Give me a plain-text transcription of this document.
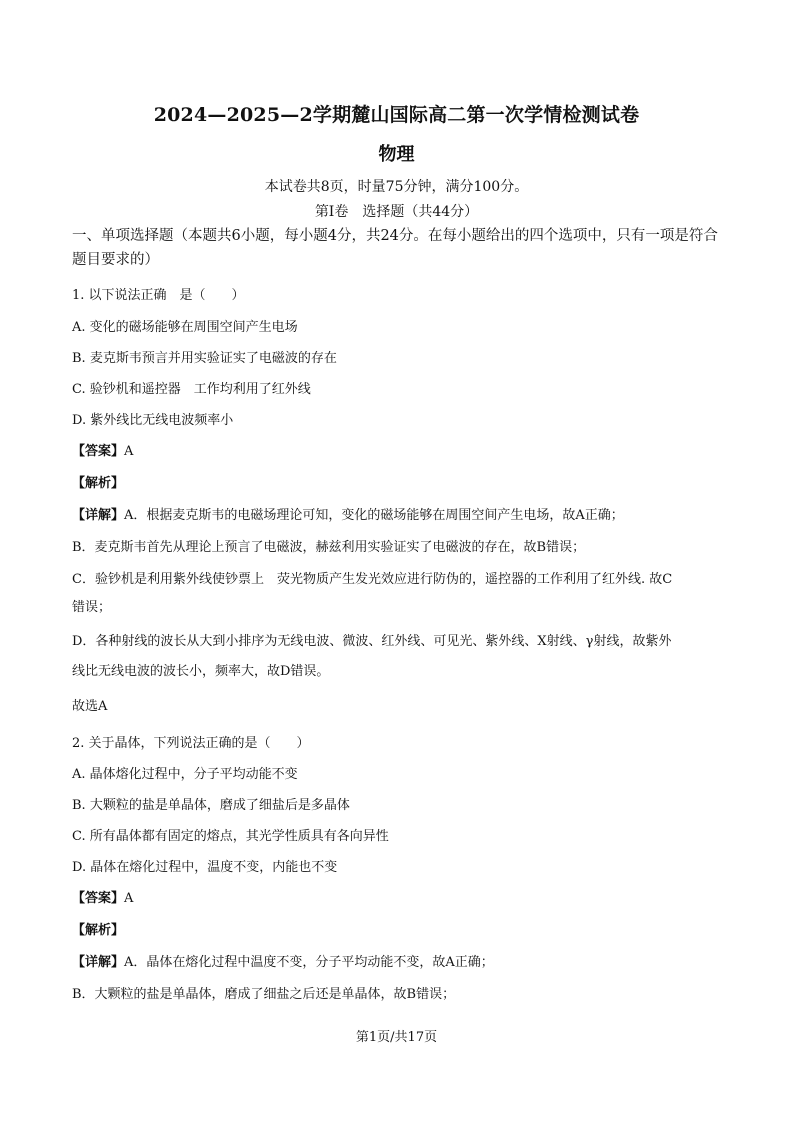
2024—2025—2学期麓山国际高二第一次学情检测试卷
物理
本试卷共8页，时量75分钟，满分100分。
第Ⅰ卷　选择题（共44分）
一、单项选择题（本题共6小题，每小题4分，共24分。在每小题给出的四个选项中，只有一项是符合题目要求的）
1. 以下说法正确　是（　　）
A. 变化的磁场能够在周围空间产生电场
B. 麦克斯韦预言并用实验证实了电磁波的存在
C. 验钞机和遥控器　工作均利用了红外线
D. 紫外线比无线电波频率小
【答案】A
【解析】
【详解】A．根据麦克斯韦的电磁场理论可知，变化的磁场能够在周围空间产生电场，故A正确；
B．麦克斯韦首先从理论上预言了电磁波，赫兹利用实验证实了电磁波的存在，故B错误；
C．验钞机是利用紫外线使钞票上　荧光物质产生发光效应进行防伪的，遥控器的工作利用了红外线. 故C
错误；
D．各种射线的波长从大到小排序为无线电波、微波、红外线、可见光、紫外线、X射线、γ射线，故紫外
线比无线电波的波长小，频率大，故D错误。
故选A
2. 关于晶体，下列说法正确的是（　　）
A. 晶体熔化过程中，分子平均动能不变
B. 大颗粒的盐是单晶体，磨成了细盐后是多晶体
C. 所有晶体都有固定的熔点，其光学性质具有各向异性
D. 晶体在熔化过程中，温度不变，内能也不变
【答案】A
【解析】
【详解】A．晶体在熔化过程中温度不变，分子平均动能不变，故A正确；
B．大颗粒的盐是单晶体，磨成了细盐之后还是单晶体，故B错误；
第1页/共17页
